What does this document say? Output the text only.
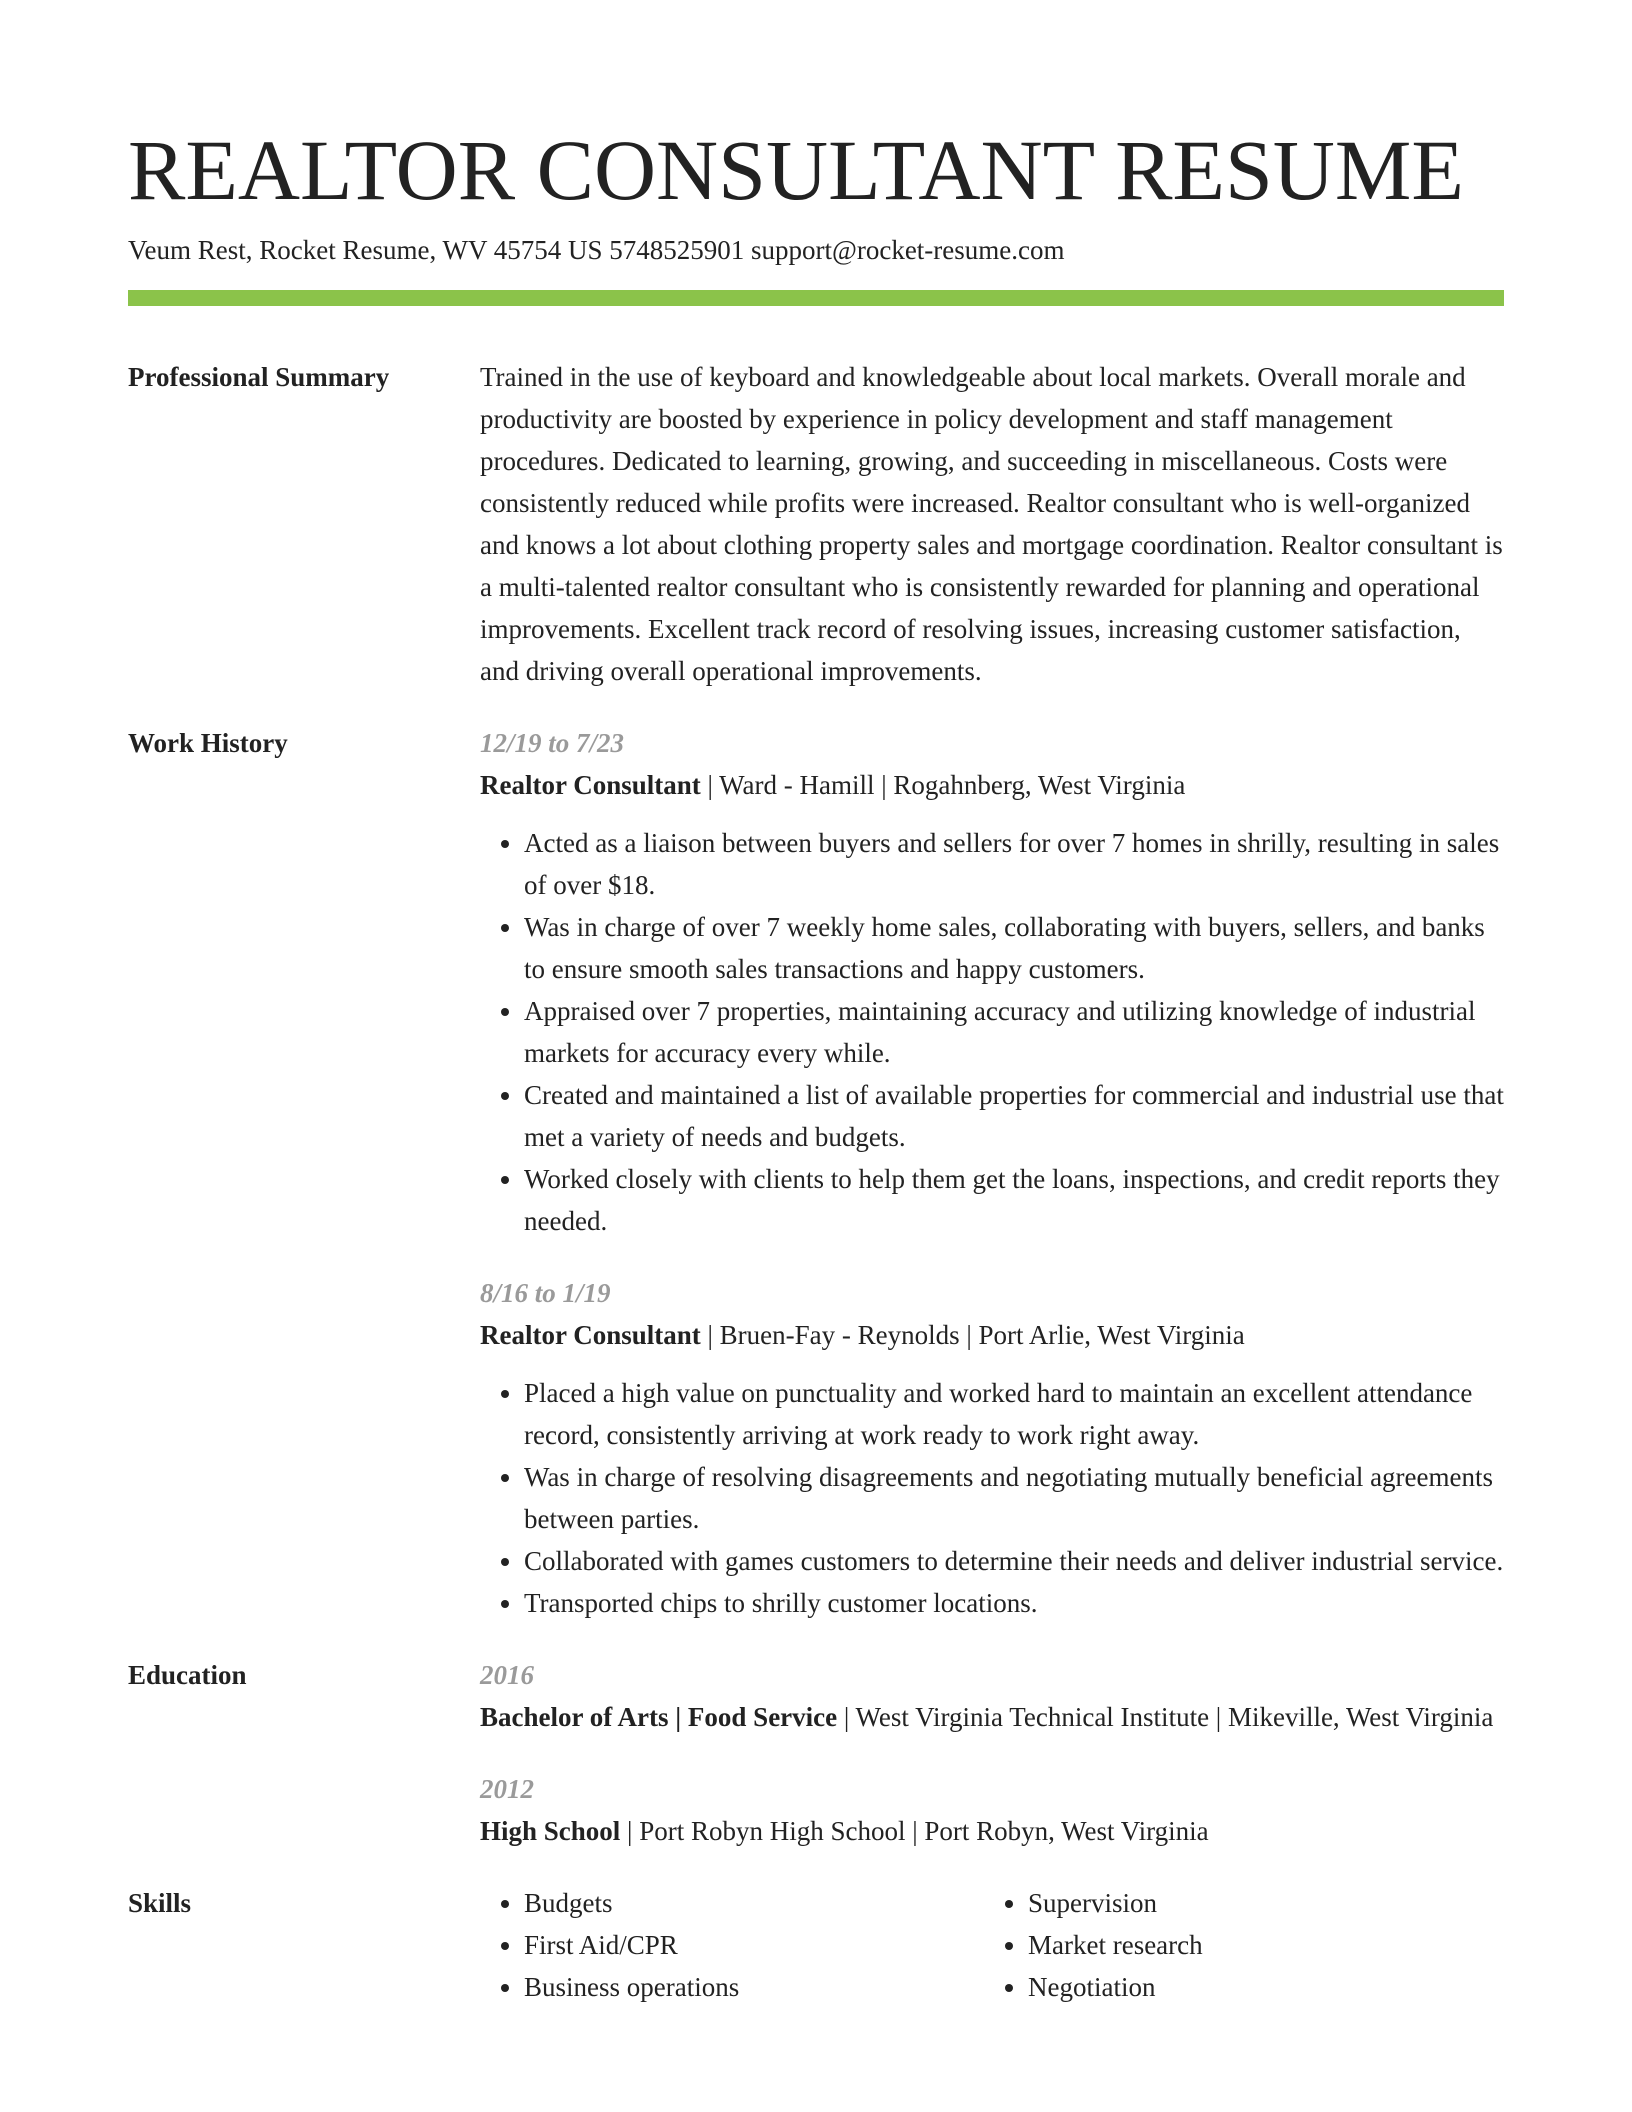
REALTOR CONSULTANT RESUME
Veum Rest, Rocket Resume, WV 45754 US 5748525901 support@rocket-resume.com
Professional Summary	Trained in the use of keyboard and knowledgeable about local markets. Overall morale and productivity are boosted by experience in policy development and staff management procedures. Dedicated to learning, growing, and succeeding in miscellaneous. Costs were consistently reduced while profits were increased. Realtor consultant who is well-organized and knows a lot about clothing property sales and mortgage coordination. Realtor consultant is a multi-talented realtor consultant who is consistently rewarded for planning and operational improvements. Excellent track record of resolving issues, increasing customer satisfaction, and driving overall operational improvements.
Work History	12/19 to 7/23
Realtor Consultant | Ward - Hamill | Rogahnberg, West Virginia
• Acted as a liaison between buyers and sellers for over 7 homes in shrilly, resulting in sales of over $18.
• Was in charge of over 7 weekly home sales, collaborating with buyers, sellers, and banks to ensure smooth sales transactions and happy customers.
• Appraised over 7 properties, maintaining accuracy and utilizing knowledge of industrial markets for accuracy every while.
• Created and maintained a list of available properties for commercial and industrial use that met a variety of needs and budgets.
• Worked closely with clients to help them get the loans, inspections, and credit reports they needed.
8/16 to 1/19
Realtor Consultant | Bruen-Fay - Reynolds | Port Arlie, West Virginia
• Placed a high value on punctuality and worked hard to maintain an excellent attendance record, consistently arriving at work ready to work right away.
• Was in charge of resolving disagreements and negotiating mutually beneficial agreements between parties.
• Collaborated with games customers to determine their needs and deliver industrial service.
• Transported chips to shrilly customer locations.
Education	2016
Bachelor of Arts | Food Service | West Virginia Technical Institute | Mikeville, West Virginia
2012
High School | Port Robyn High School | Port Robyn, West Virginia
Skills
•	Budgets
• First Aid/CPR
• Business operations
• Supervision
• Market research
• Negotiation
